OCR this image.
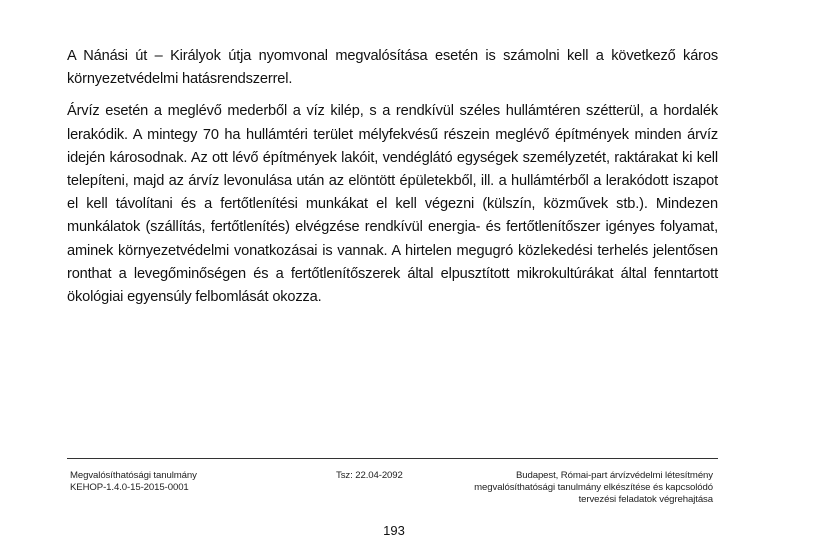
A Nánási út – Királyok útja nyomvonal megvalósítása esetén is számolni kell a következő káros környezetvédelmi hatásrendszerrel.

Árvíz esetén a meglévő mederből a víz kilép, s a rendkívül széles hullámtéren szétterül, a hordalék lerakódik. A mintegy 70 ha hullámtéri terület mélyfekvésű részein meglévő építmények minden árvíz idején károsodnak. Az ott lévő építmények lakóit, vendéglátó egységek személyzetét, raktárakat ki kell telepíteni, majd az árvíz levonulása után az elöntött épületekből, ill. a hullámtérből a lerakódott iszapot el kell távolítani és a fertőtlenítési munkákat el kell végezni (külszín, közművek stb.). Mindezen munkálatok (szállítás, fertőtlenítés) elvégzése rendkívül energia- és fertőtlenítőszer igényes folyamat, aminek környezetvédelmi vonatkozásai is vannak. A hirtelen megugró közlekedési terhelés jelentősen ronthat a levegőminőségen és a fertőtlenítőszerek által elpusztított mikrokultúrákat által fenntartott ökológiai egyensúly felbomlását okozza.

Megvalósíthatósági tanulmány
KEHOP-1.4.0-15-2015-0001
Tsz: 22.04-2092	Budapest, Római-part árvízvédelmi létesítmény
megvalósíthatósági tanulmány elkészítése és kapcsolódó
tervezési feladatok végrehajtása
193
